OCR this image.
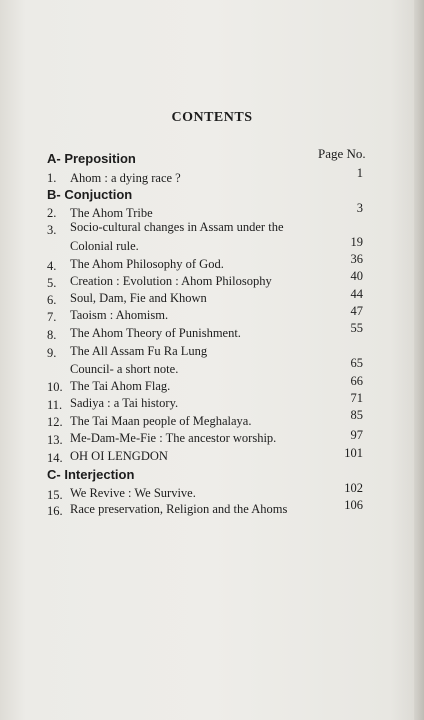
CONTENTS
Page No.
A- Preposition
1. Ahom : a dying race ?	1
B- Conjuction
2. The Ahom Tribe	3
3. Socio-cultural changes in Assam under the
Colonial rule.	19
4. The Ahom Philosophy of God.	36
5. Creation : Evolution : Ahom Philosophy	40
6. Soul, Dam, Fie and Khown	44
7. Taoism : Ahomism.	47
8. The Ahom Theory of Punishment.	55
9. The All Assam Fu Ra Lung
Council- a short note.	65
10. The Tai Ahom Flag.	66
11. Sadiya : a Tai history.	71
12. The Tai Maan people of Meghalaya.	85
13. Me-Dam-Me-Fie : The ancestor worship.	97
14. OH OI LENGDON	101
C- Interjection
15. We Revive : We Survive.	102
16. Race preservation, Religion and the Ahoms	106
